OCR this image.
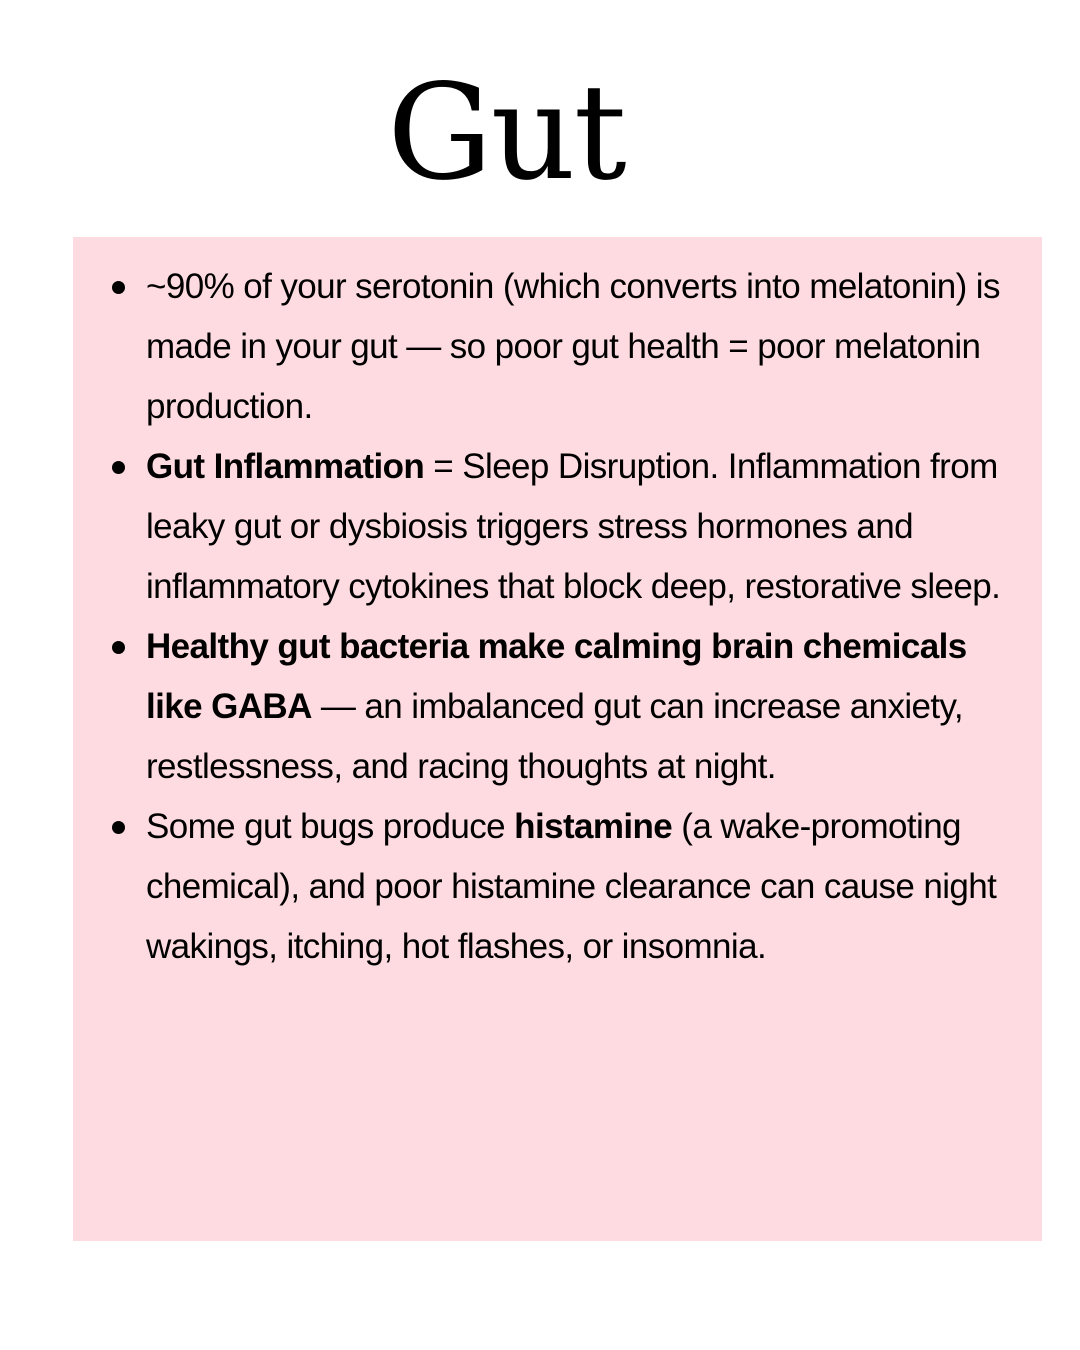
Gut
~90% of your serotonin (which converts into melatonin) is made in your gut — so poor gut health = poor melatonin production.
Gut Inflammation = Sleep Disruption. Inflammation from leaky gut or dysbiosis triggers stress hormones and inflammatory cytokines that block deep, restorative sleep.
Healthy gut bacteria make calming brain chemicals like GABA — an imbalanced gut can increase anxiety, restlessness, and racing thoughts at night.
Some gut bugs produce histamine (a wake-promoting chemical), and poor histamine clearance can cause night wakings, itching, hot flashes, or insomnia.
